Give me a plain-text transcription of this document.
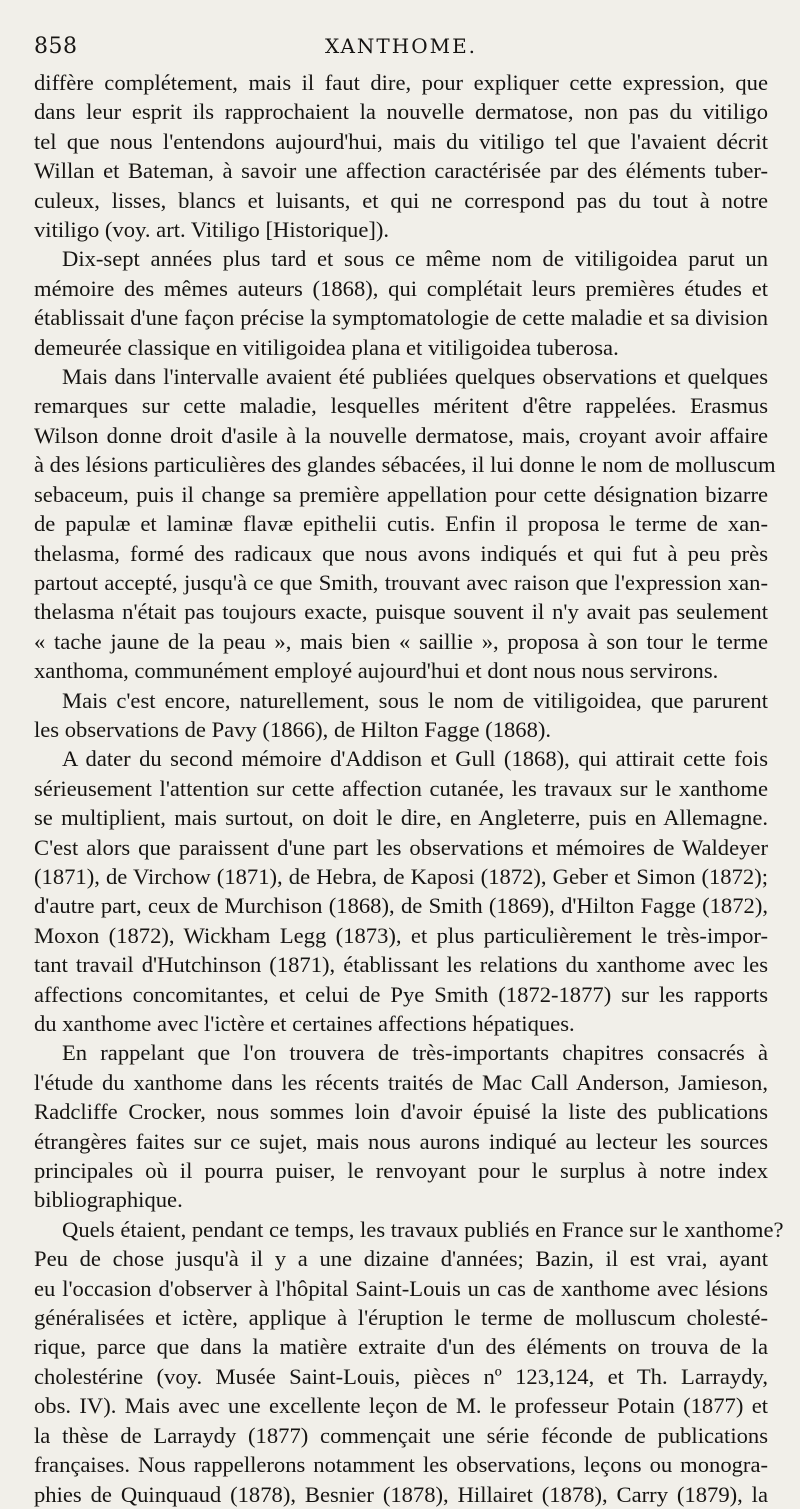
858	XANTHOME.
diffère complétement, mais il faut dire, pour expliquer cette expression, que
dans leur esprit ils rapprochaient la nouvelle dermatose, non pas du vitiligo
tel que nous l'entendons aujourd'hui, mais du vitiligo tel que l'avaient décrit
Willan et Bateman, à savoir une affection caractérisée par des éléments tuber-
culeux, lisses, blancs et luisants, et qui ne correspond pas du tout à notre
vitiligo (voy. art. Vitiligo [Historique]).
Dix-sept années plus tard et sous ce même nom de vitiligoidea parut un
mémoire des mêmes auteurs (1868), qui complétait leurs premières études et
établissait d'une façon précise la symptomatologie de cette maladie et sa division
demeurée classique en vitiligoidea plana et vitiligoidea tuberosa.
Mais dans l'intervalle avaient été publiées quelques observations et quelques
remarques sur cette maladie, lesquelles méritent d'être rappelées. Erasmus
Wilson donne droit d'asile à la nouvelle dermatose, mais, croyant avoir affaire
à des lésions particulières des glandes sébacées, il lui donne le nom de molluscum
sebaceum, puis il change sa première appellation pour cette désignation bizarre
de papulæ et laminæ flavæ epithelii cutis. Enfin il proposa le terme de xan-
thelasma, formé des radicaux que nous avons indiqués et qui fut à peu près
partout accepté, jusqu'à ce que Smith, trouvant avec raison que l'expression xan-
thelasma n'était pas toujours exacte, puisque souvent il n'y avait pas seulement
« tache jaune de la peau », mais bien « saillie », proposa à son tour le terme
xanthoma, communément employé aujourd'hui et dont nous nous servirons.
Mais c'est encore, naturellement, sous le nom de vitiligoidea, que parurent
les observations de Pavy (1866), de Hilton Fagge (1868).
A dater du second mémoire d'Addison et Gull (1868), qui attirait cette fois
sérieusement l'attention sur cette affection cutanée, les travaux sur le xanthome
se multiplient, mais surtout, on doit le dire, en Angleterre, puis en Allemagne.
C'est alors que paraissent d'une part les observations et mémoires de Waldeyer
(1871), de Virchow (1871), de Hebra, de Kaposi (1872), Geber et Simon (1872);
d'autre part, ceux de Murchison (1868), de Smith (1869), d'Hilton Fagge (1872),
Moxon (1872), Wickham Legg (1873), et plus particulièrement le très-impor-
tant travail d'Hutchinson (1871), établissant les relations du xanthome avec les
affections concomitantes, et celui de Pye Smith (1872-1877) sur les rapports
du xanthome avec l'ictère et certaines affections hépatiques.
En rappelant que l'on trouvera de très-importants chapitres consacrés à
l'étude du xanthome dans les récents traités de Mac Call Anderson, Jamieson,
Radcliffe Crocker, nous sommes loin d'avoir épuisé la liste des publications
étrangères faites sur ce sujet, mais nous aurons indiqué au lecteur les sources
principales où il pourra puiser, le renvoyant pour le surplus à notre index
bibliographique.
Quels étaient, pendant ce temps, les travaux publiés en France sur le xanthome?
Peu de chose jusqu'à il y a une dizaine d'années; Bazin, il est vrai, ayant
eu l'occasion d'observer à l'hôpital Saint-Louis un cas de xanthome avec lésions
généralisées et ictère, applique à l'éruption le terme de molluscum cholesté-
rique, parce que dans la matière extraite d'un des éléments on trouva de la
cholestérine (voy. Musée Saint-Louis, pièces nº 123,124, et Th. Larraydy,
obs. IV). Mais avec une excellente leçon de M. le professeur Potain (1877) et
la thèse de Larraydy (1877) commençait une série féconde de publications
françaises. Nous rappellerons notamment les observations, leçons ou monogra-
phies de Quinquaud (1878), Besnier (1878), Hillairet (1878), Carry (1879), la
